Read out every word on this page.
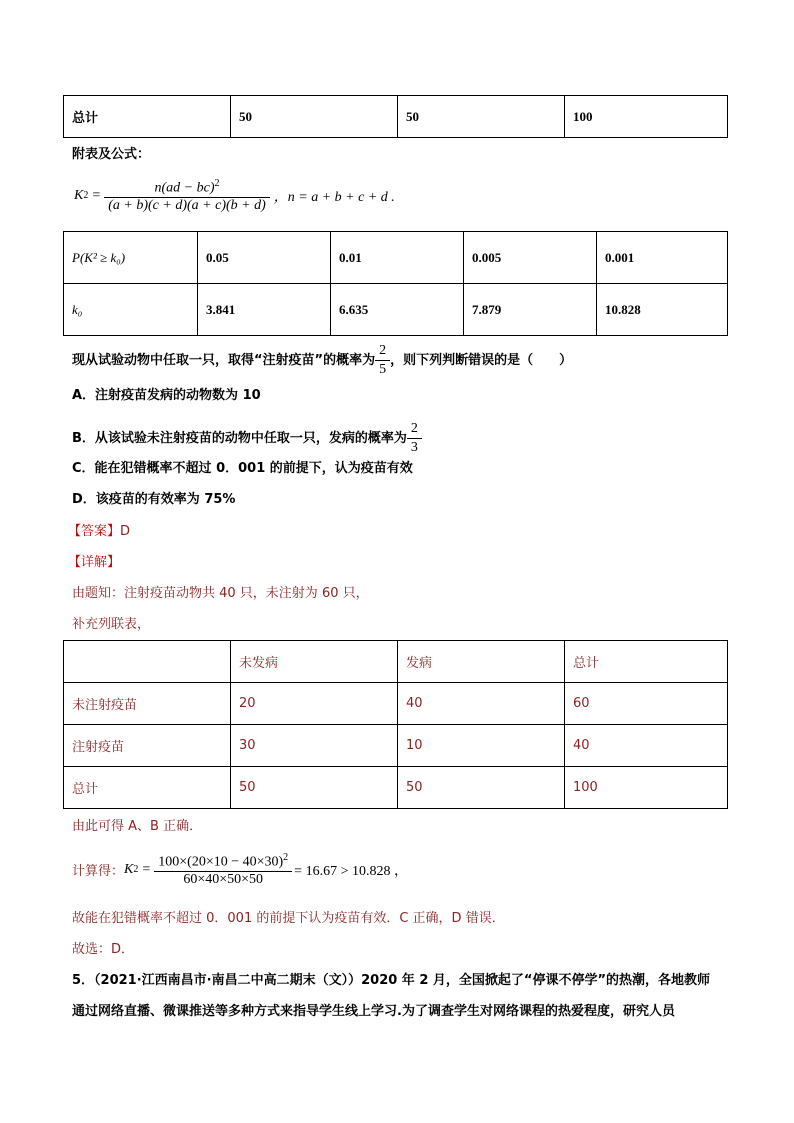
总计	50	50	100
附表及公式：
K $2 = \frac{n(ad - bc)^2}{(a + b)(c + d)(a + c)(b + d)}$ ，n = a + b + c + d .
P(K² ≥ k₀)	0.05	0.01	0.005	0.001
k₀	3.841	6.635	7.879	10.828
现从试验动物中任取一只，取得“注射疫苗”的概率为 $\frac{2}{5}$ ，则下列判断错误的是（　　）
A．注射疫苗发病的动物数为 10
B．从该试验未注射疫苗的动物中任取一只，发病的概率为 $\frac{2}{3}$
C．能在犯错概率不超过 0．001 的前提下，认为疫苗有效
D．该疫苗的有效率为 75%
【答案】D
【详解】
由题知：注射疫苗动物共 40 只，未注射为 60 只，
补充列联表，
	未发病	发病	总计
未注射疫苗	20	40	60
注射疫苗	30	10	40
总计	50	50	100
由此可得 A、B 正确．
计算得： K $2 = \frac{100\times(20\times 10 - 40\times 30)^2}{60\times 40\times 50\times 50} = 16.67 > 10.828$ ，
故能在犯错概率不超过 0．001 的前提下认为疫苗有效．C 正确，D 错误．
故选：D．
5．（2021·江西南昌市·南昌二中高二期末（文））2020 年 2 月，全国掀起了“停课不停学”的热潮，各地教师
通过网络直播、微课推送等多种方式来指导学生线上学习.为了调查学生对网络课程的热爱程度，研究人员
